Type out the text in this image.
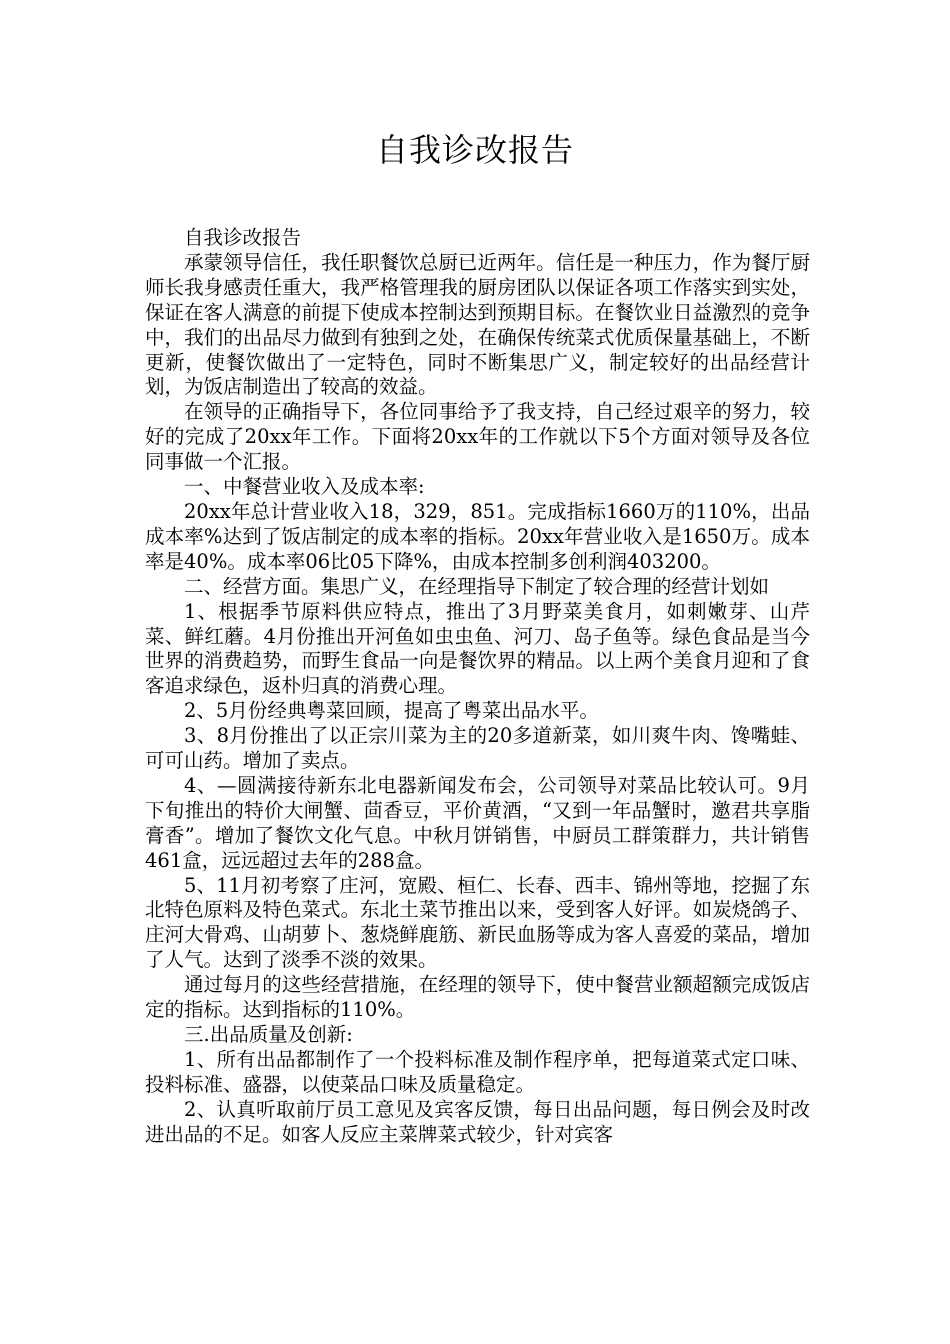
自我诊改报告

自我诊改报告

承蒙领导信任，我任职餐饮总厨已近两年。信任是一种压力，作为餐厅厨师长我身感责任重大，我严格管理我的厨房团队以保证各项工作落实到实处，保证在客人满意的前提下使成本控制达到预期目标。在餐饮业日益激烈的竞争中，我们的出品尽力做到有独到之处，在确保传统菜式优质保量基础上，不断更新，使餐饮做出了一定特色，同时不断集思广义，制定较好的出品经营计划，为饭店制造出了较高的效益。

在领导的正确指导下，各位同事给予了我支持，自己经过艰辛的努力，较好的完成了20xx年工作。下面将20xx年的工作就以下5个方面对领导及各位同事做一个汇报。

一、中餐营业收入及成本率:

20xx年总计营业收入18，329，851。完成指标1660万的110%，出品成本率%达到了饭店制定的成本率的指标。20xx年营业收入是1650万。成本率是40%。成本率06比05下降%，由成本控制多创利润403200。

二、经营方面。集思广义，在经理指导下制定了较合理的经营计划如

1、根据季节原料供应特点，推出了3月野菜美食月，如刺嫩芽、山芹菜、鲜红蘑。4月份推出开河鱼如虫虫鱼、河刀、岛子鱼等。绿色食品是当今世界的消费趋势，而野生食品一向是餐饮界的精品。以上两个美食月迎和了食客追求绿色，返朴归真的消费心理。

2、5月份经典粤菜回顾，提高了粤菜出品水平。

3、8月份推出了以正宗川菜为主的20多道新菜，如川爽牛肉、馋嘴蛙、可可山药。增加了卖点。

4、—圆满接待新东北电器新闻发布会，公司领导对菜品比较认可。9月下旬推出的特价大闸蟹、茴香豆，平价黄酒，“又到一年品蟹时，邀君共享脂膏香”。增加了餐饮文化气息。中秋月饼销售，中厨员工群策群力，共计销售461盒，远远超过去年的288盒。

5、11月初考察了庄河，宽殿、桓仁、长春、西丰、锦州等地，挖掘了东北特色原料及特色菜式。东北土菜节推出以来，受到客人好评。如炭烧鸽子、庄河大骨鸡、山胡萝卜、葱烧鲜鹿筋、新民血肠等成为客人喜爱的菜品，增加了人气。达到了淡季不淡的效果。

通过每月的这些经营措施，在经理的领导下，使中餐营业额超额完成饭店定的指标。达到指标的110%。

三.出品质量及创新:

1、所有出品都制作了一个投料标准及制作程序单，把每道菜式定口味、投料标准、盛器，以使菜品口味及质量稳定。

2、认真听取前厅员工意见及宾客反馈，每日出品问题，每日例会及时改进出品的不足。如客人反应主菜牌菜式较少，针对宾客
